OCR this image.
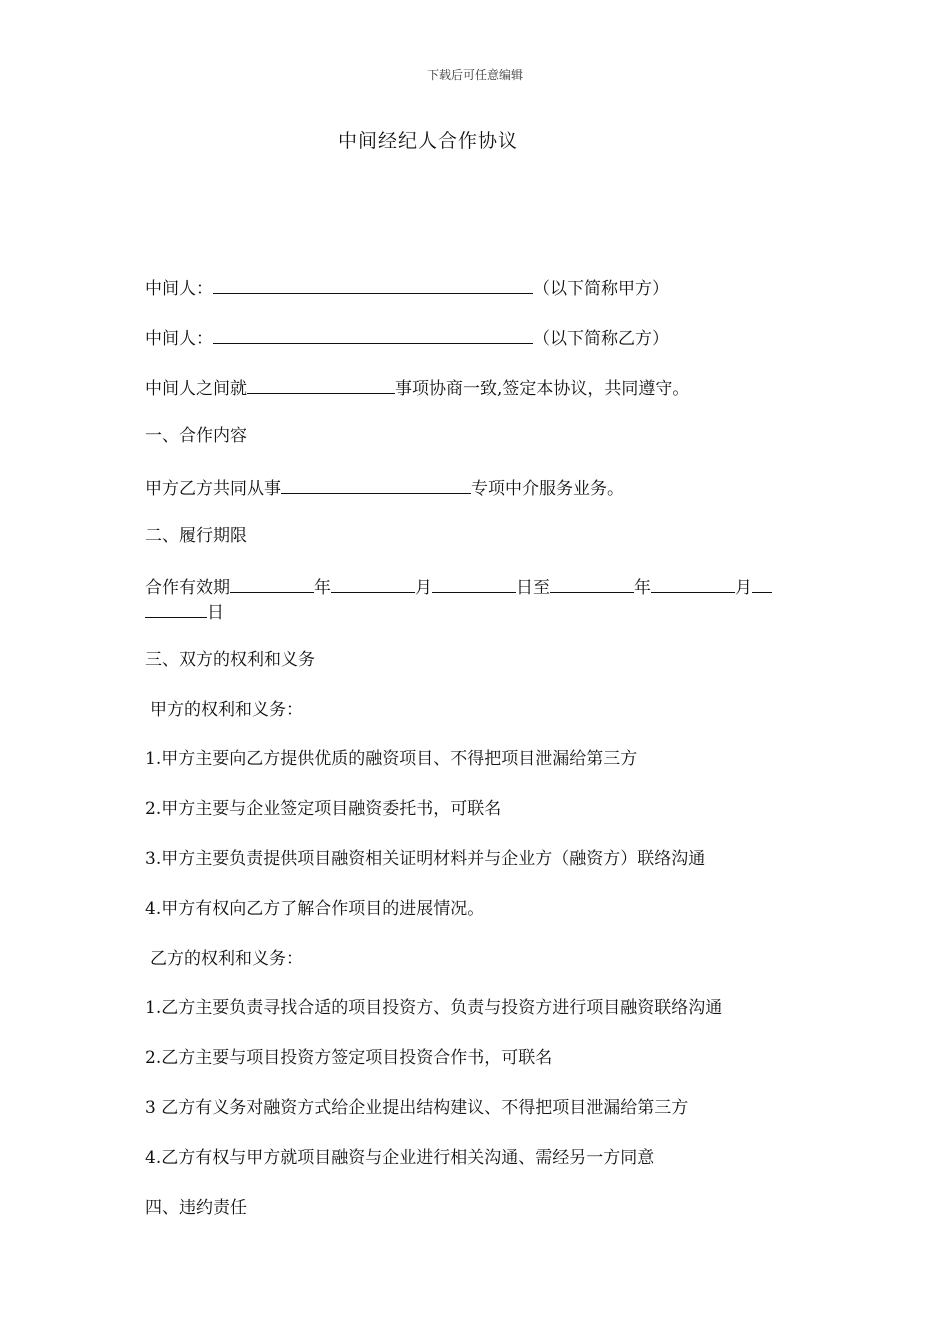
下载后可任意编辑
中间经纪人合作协议
中间人：	（以下简称甲方）
中间人：	（以下简称乙方）
中间人之间就	事项协商一致,签定本协议，共同遵守。
一、合作内容
甲方乙方共同从事	专项中介服务业务。
二、履行期限
合作有效期	年	月	日至	年	月
日
三、双方的权利和义务
甲方的权利和义务：
1.甲方主要向乙方提供优质的融资项目、不得把项目泄漏给第三方
2.甲方主要与企业签定项目融资委托书，可联名
3.甲方主要负责提供项目融资相关证明材料并与企业方（融资方）联络沟通
4.甲方有权向乙方了解合作项目的进展情况。
乙方的权利和义务：
1.乙方主要负责寻找合适的项目投资方、负责与投资方进行项目融资联络沟通
2.乙方主要与项目投资方签定项目投资合作书，可联名
3 乙方有义务对融资方式给企业提出结构建议、不得把项目泄漏给第三方
4.乙方有权与甲方就项目融资与企业进行相关沟通、需经另一方同意
四、违约责任
